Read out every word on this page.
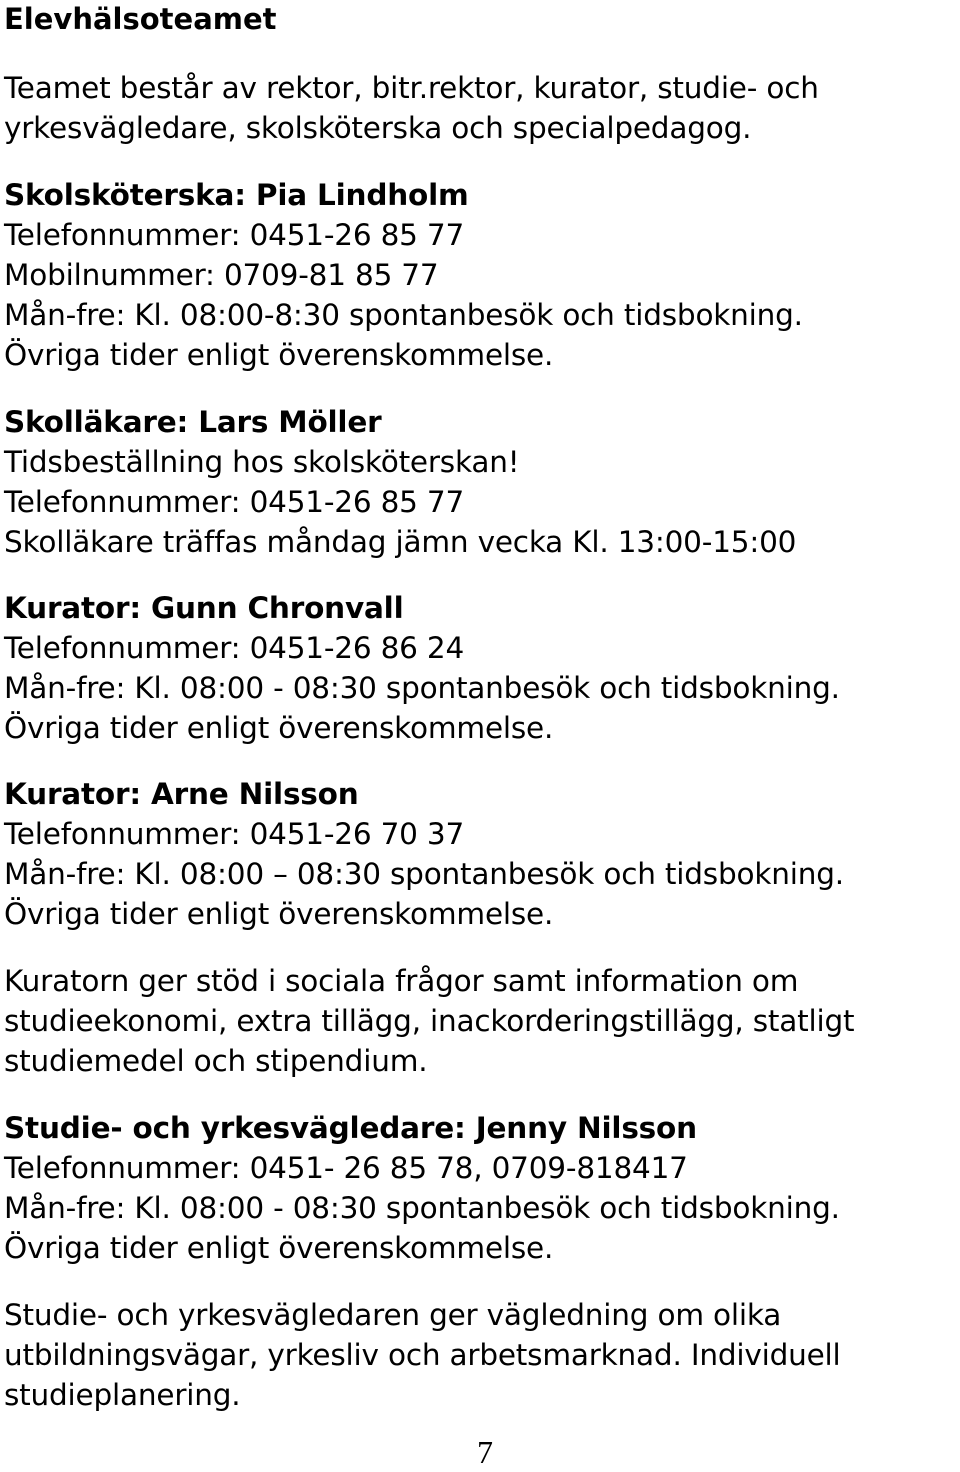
Elevhälsoteamet
Teamet består av rektor, bitr.rektor, kurator, studie- och
yrkesvägledare, skolsköterska och specialpedagog.
Skolsköterska: Pia Lindholm
Telefonnummer: 0451-26 85 77
Mobilnummer: 0709-81 85 77
Mån-fre: Kl. 08:00-8:30 spontanbesök och tidsbokning.
Övriga tider enligt överenskommelse.
Skolläkare: Lars Möller
Tidsbeställning hos skolsköterskan!
Telefonnummer: 0451-26 85 77
Skolläkare träffas måndag jämn vecka Kl. 13:00-15:00
Kurator: Gunn Chronvall
Telefonnummer: 0451-26 86 24
Mån-fre: Kl. 08:00 - 08:30 spontanbesök och tidsbokning.
Övriga tider enligt överenskommelse.
Kurator: Arne Nilsson
Telefonnummer: 0451-26 70 37
Mån-fre: Kl. 08:00 – 08:30 spontanbesök och tidsbokning.
Övriga tider enligt överenskommelse.
Kuratorn ger stöd i sociala frågor samt information om
studieekonomi, extra tillägg, inackorderingstillägg, statligt
studiemedel och stipendium.
Studie- och yrkesvägledare: Jenny Nilsson
Telefonnummer: 0451- 26 85 78, 0709-818417
Mån-fre: Kl. 08:00 - 08:30 spontanbesök och tidsbokning.
Övriga tider enligt överenskommelse.
Studie- och yrkesvägledaren ger vägledning om olika
utbildningsvägar, yrkesliv och arbetsmarknad. Individuell
studieplanering.
7
